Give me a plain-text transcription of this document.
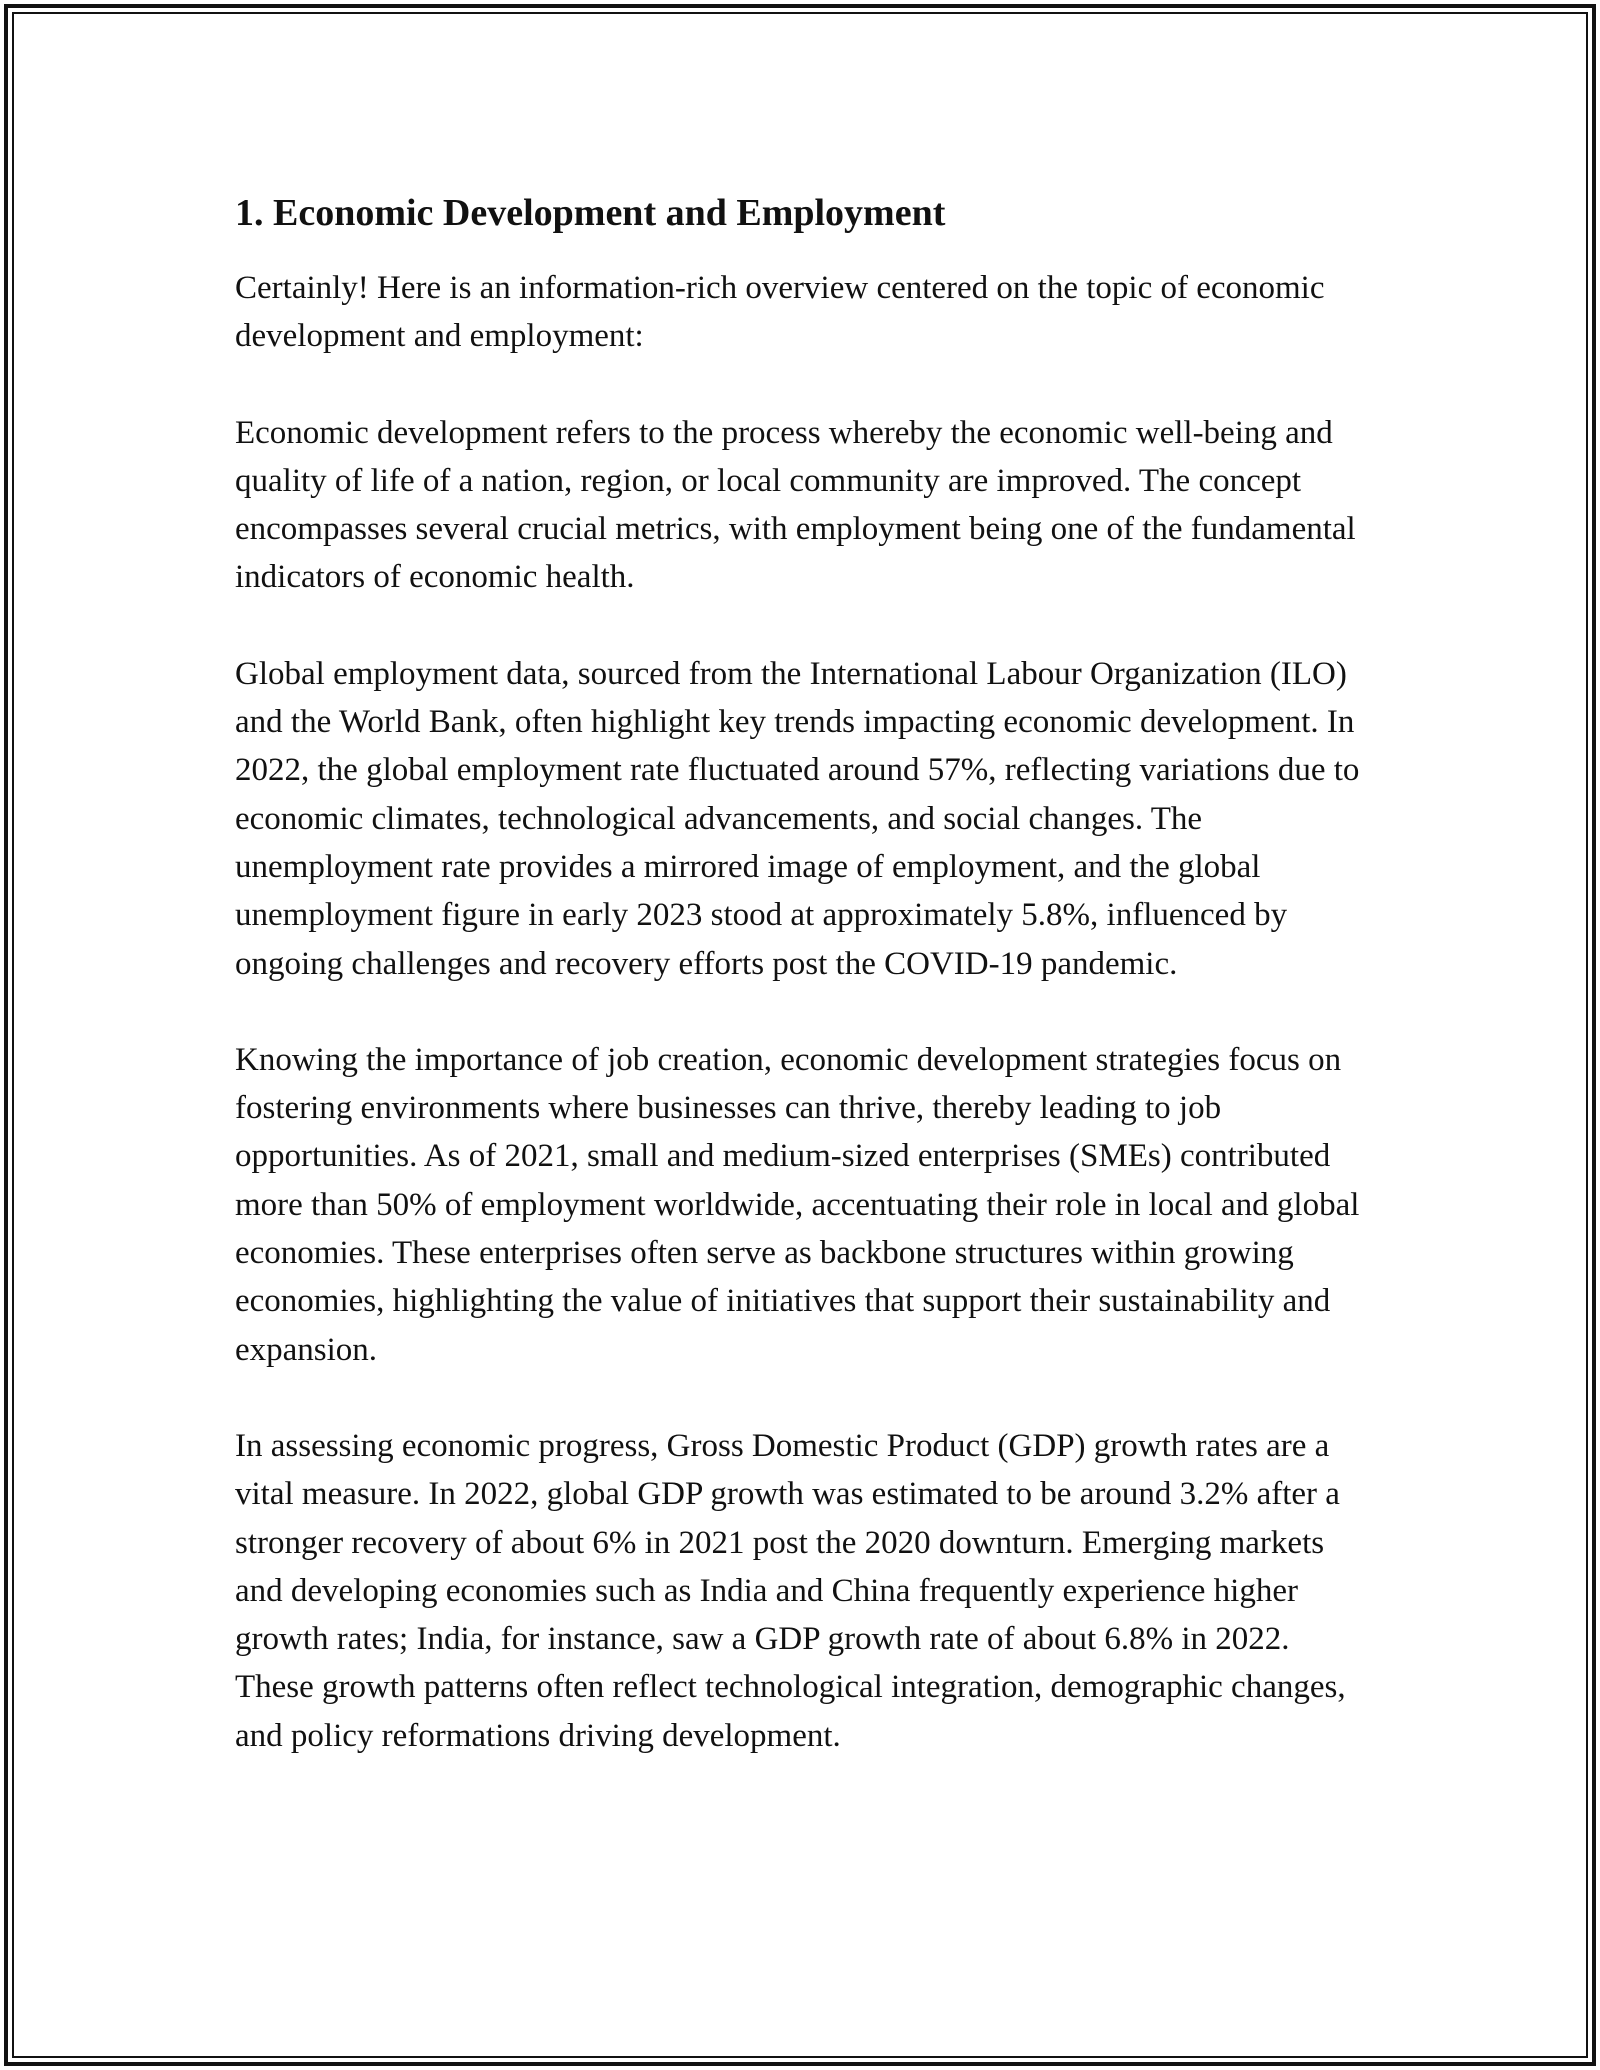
1. Economic Development and Employment

Certainly! Here is an information-rich overview centered on the topic of economic development and employment:

Economic development refers to the process whereby the economic well-being and quality of life of a nation, region, or local community are improved. The concept encompasses several crucial metrics, with employment being one of the fundamental indicators of economic health.

Global employment data, sourced from the International Labour Organization (ILO) and the World Bank, often highlight key trends impacting economic development. In 2022, the global employment rate fluctuated around 57%, reflecting variations due to economic climates, technological advancements, and social changes. The unemployment rate provides a mirrored image of employment, and the global unemployment figure in early 2023 stood at approximately 5.8%, influenced by ongoing challenges and recovery efforts post the COVID-19 pandemic.

Knowing the importance of job creation, economic development strategies focus on fostering environments where businesses can thrive, thereby leading to job opportunities. As of 2021, small and medium-sized enterprises (SMEs) contributed more than 50% of employment worldwide, accentuating their role in local and global economies. These enterprises often serve as backbone structures within growing economies, highlighting the value of initiatives that support their sustainability and expansion.

In assessing economic progress, Gross Domestic Product (GDP) growth rates are a vital measure. In 2022, global GDP growth was estimated to be around 3.2% after a stronger recovery of about 6% in 2021 post the 2020 downturn. Emerging markets and developing economies such as India and China frequently experience higher growth rates; India, for instance, saw a GDP growth rate of about 6.8% in 2022. These growth patterns often reflect technological integration, demographic changes, and policy reformations driving development.
